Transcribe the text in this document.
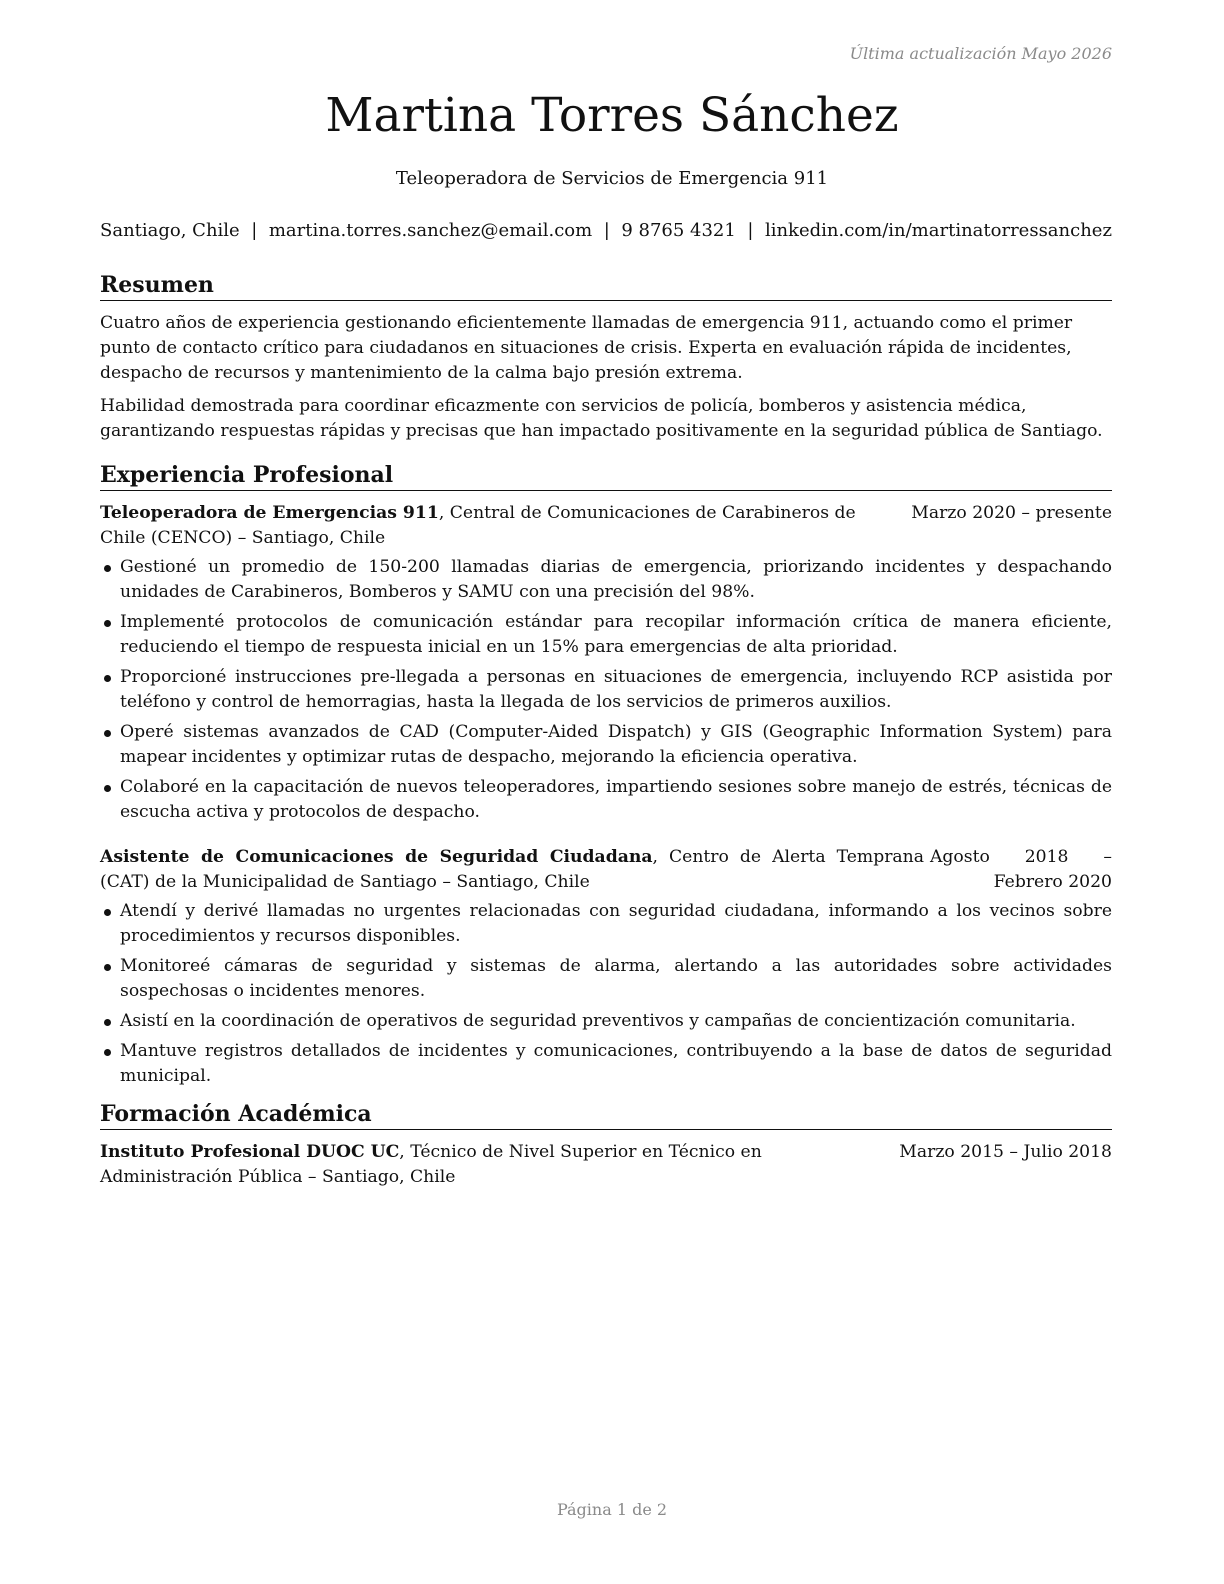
Última actualización Mayo 2026
Martina Torres Sánchez
Teleoperadora de Servicios de Emergencia 911
Santiago, Chile | martina.torres.sanchez@email.com | 9 8765 4321 | linkedin.com/in/martinatorressanchez
Resumen

Cuatro años de experiencia gestionando eficientemente llamadas de emergencia 911, actuando como el primer punto de contacto crítico para ciudadanos en situaciones de crisis. Experta en evaluación rápida de incidentes, despacho de recursos y mantenimiento de la calma bajo presión extrema.

Habilidad demostrada para coordinar eficazmente con servicios de policía, bomberos y asistencia médica, garantizando respuestas rápidas y precisas que han impactado positivamente en la seguridad pública de Santiago.

Experiencia Profesional
Teleoperadora de Emergencias 911, Central de Comunicaciones de Carabineros de Chile (CENCO) – Santiago, Chile
Marzo 2020 – presente
Gestioné un promedio de 150-200 llamadas diarias de emergencia, priorizando incidentes y despachando unidades de Carabineros, Bomberos y SAMU con una precisión del 98%.
Implementé protocolos de comunicación estándar para recopilar información crítica de manera eficiente, reduciendo el tiempo de respuesta inicial en un 15% para emergencias de alta prioridad.
Proporcioné instrucciones pre-llegada a personas en situaciones de emergencia, incluyendo RCP asistida por teléfono y control de hemorragias, hasta la llegada de los servicios de primeros auxilios.
Operé sistemas avanzados de CAD (Computer-Aided Dispatch) y GIS (Geographic Information System) para mapear incidentes y optimizar rutas de despacho, mejorando la eficiencia operativa.
Colaboré en la capacitación de nuevos teleoperadores, impartiendo sesiones sobre manejo de estrés, técnicas de escucha activa y protocolos de despacho.
Asistente de Comunicaciones de Seguridad Ciudadana, Centro de Alerta Temprana (CAT) de la Municipalidad de Santiago – Santiago, Chile
Agosto 2018 – Febrero 2020
Atendí y derivé llamadas no urgentes relacionadas con seguridad ciudadana, informando a los vecinos sobre procedimientos y recursos disponibles.
Monitoreé cámaras de seguridad y sistemas de alarma, alertando a las autoridades sobre actividades sospechosas o incidentes menores.
Asistí en la coordinación de operativos de seguridad preventivos y campañas de concientización comunitaria.
Mantuve registros detallados de incidentes y comunicaciones, contribuyendo a la base de datos de seguridad municipal.
Formación Académica
Instituto Profesional DUOC UC, Técnico de Nivel Superior en Técnico en Administración Pública – Santiago, Chile
Marzo 2015 – Julio 2018
Página 1 de 2
